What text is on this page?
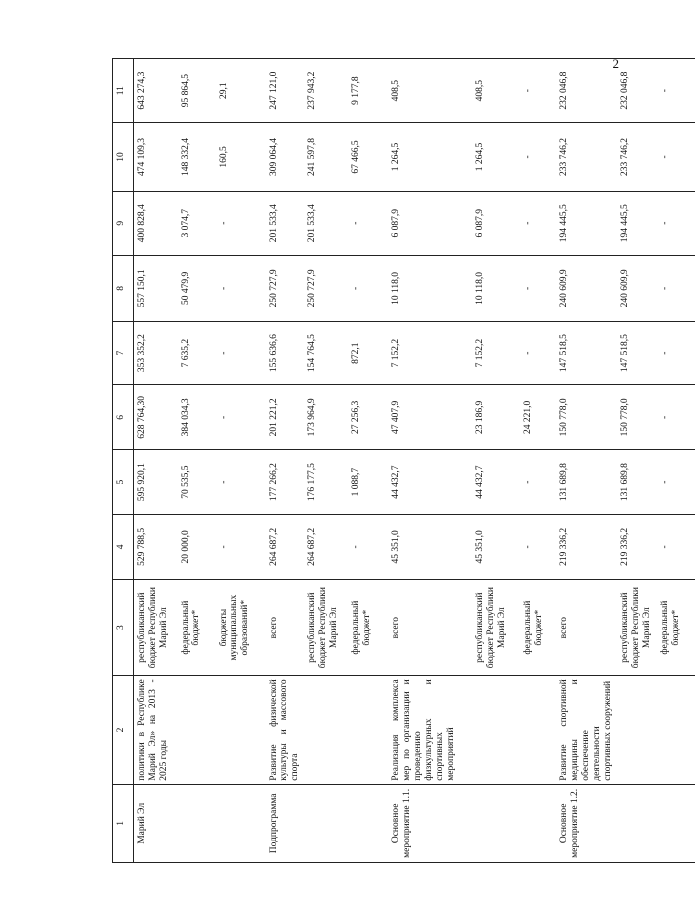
2
1	2	3	4	5	6	7	8	9	10	11
Марий Эл	политики в Республике Марий Эл» на 2013 - 2025 годы	республиканский бюджет Республики Марий Эл	529 788,5	595 920,1	628 764,30	353 352,2	557 150,1	400 828,4	474 109,3	643 274,3
		федеральный бюджет*	20 000,0	70 535,5	384 034,3	7 635,2	50 479,9	3 074,7	148 332,4	95 864,5
		бюджеты муниципальных образований*	-	-	-	-	-	-	160,5	29,1
Подпрограмма	Развитие физической культуры и массового спорта	всего	264 687,2	177 266,2	201 221,2	155 636,6	250 727,9	201 533,4	309 064,4	247 121,0
		республиканский бюджет Республики Марий Эл	264 687,2	176 177,5	173 964,9	154 764,5	250 727,9	201 533,4	241 597,8	237 943,2
		федеральный бюджет*	-	1 088,7	27 256,3	872,1	-	-	67 466,5	9 177,8
Основное мероприятие 1.1.	Реализация комплекса мер по организации и проведению физкультурных и спортивных мероприятий	всего	45 351,0	44 432,7	47 407,9	7 152,2	10 118,0	6 087,9	1 264,5	408,5
		республиканский бюджет Республики Марий Эл	45 351,0	44 432,7	23 186,9	7 152,2	10 118,0	6 087,9	1 264,5	408,5
		федеральный бюджет*	-	-	24 221,0	-	-	-	-	-
Основное мероприятие 1.2.	Развитие спортивной медицины и обеспечение деятельности спортивных сооружений	всего	219 336,2	131 689,8	150 778,0	147 518,5	240 609,9	194 445,5	233 746,2	232 046,8
		республиканский бюджет Республики Марий Эл	219 336,2	131 689,8	150 778,0	147 518,5	240 609,9	194 445,5	233 746,2	232 046,8
		федеральный бюджет*	-	-	-	-	-	-	-	-
